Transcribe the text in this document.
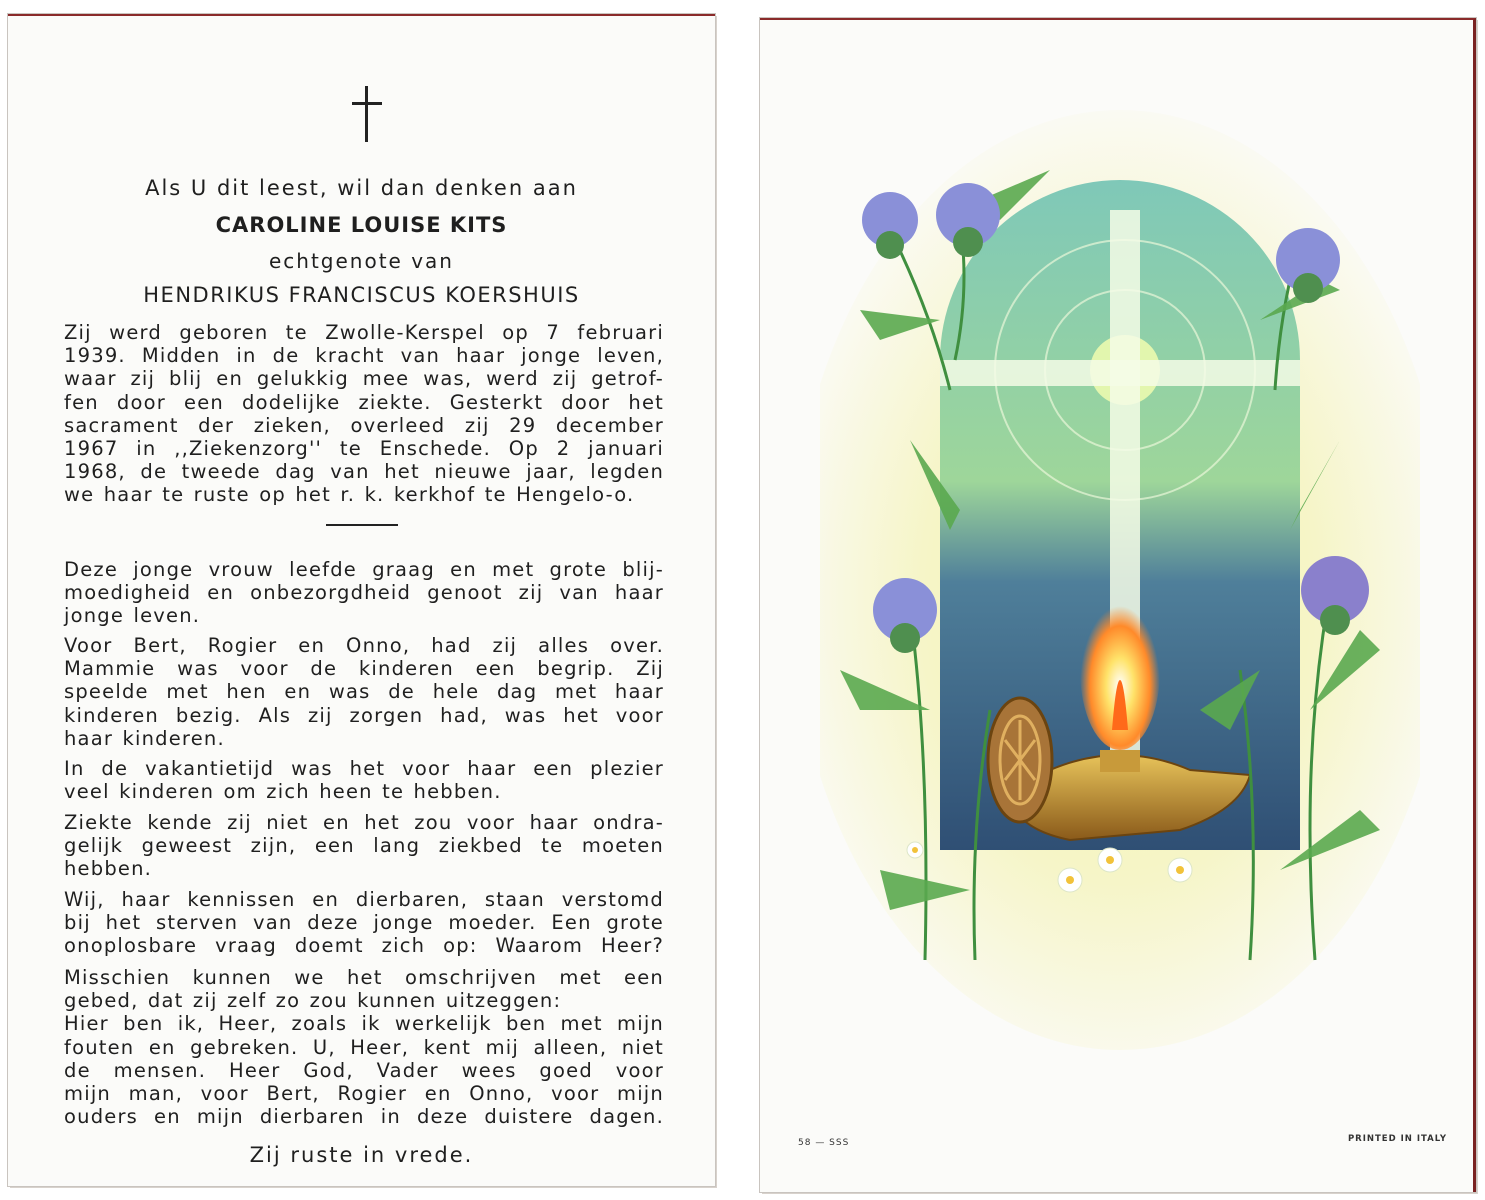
Als U dit leest, wil dan denken aan
CAROLINE LOUISE KITS
echtgenote van
HENDRIKUS FRANCISCUS KOERSHUIS
Zij werd geboren te Zwolle-Kerspel op 7 februari
1939. Midden in de kracht van haar jonge leven,
waar zij blij en gelukkig mee was, werd zij getrof-
fen door een dodelijke ziekte. Gesterkt door het
sacrament der zieken, overleed zij 29 december
1967 in ,,Ziekenzorg'' te Enschede. Op 2 januari
1968, de tweede dag van het nieuwe jaar, legden
we haar te ruste op het r. k. kerkhof te Hengelo-o.
Deze jonge vrouw leefde graag en met grote blij-
moedigheid en onbezorgdheid genoot zij van haar
jonge leven.
Voor Bert, Rogier en Onno, had zij alles over.
Mammie was voor de kinderen een begrip. Zij
speelde met hen en was de hele dag met haar
kinderen bezig. Als zij zorgen had, was het voor
haar kinderen.
In de vakantietijd was het voor haar een plezier
veel kinderen om zich heen te hebben.
Ziekte kende zij niet en het zou voor haar ondra-
gelijk geweest zijn, een lang ziekbed te moeten
hebben.
Wij, haar kennissen en dierbaren, staan verstomd
bij het sterven van deze jonge moeder. Een grote
onoplosbare vraag doemt zich op: Waarom Heer?
Misschien kunnen we het omschrijven met een
gebed, dat zij zelf zo zou kunnen uitzeggen:
Hier ben ik, Heer, zoals ik werkelijk ben met mijn
fouten en gebreken. U, Heer, kent mij alleen, niet
de mensen. Heer God, Vader wees goed voor
mijn man, voor Bert, Rogier en Onno, voor mijn
ouders en mijn dierbaren in deze duistere dagen.
Zij ruste in vrede.	58 — SSS	PRINTED IN ITALY
